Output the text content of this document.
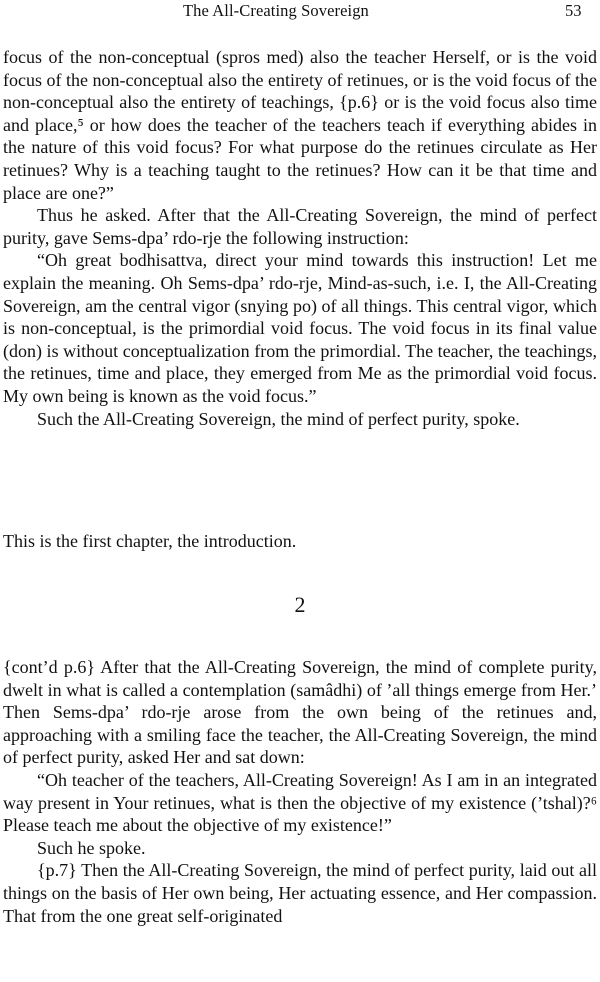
The All-Creating Sovereign	53

focus of the non-conceptual (spros med) also the teacher Herself, or is the void focus of the non-conceptual also the entirety of retinues, or is the void focus of the non-conceptual also the entirety of teachings, {p.6} or is the void focus also time and place,⁵ or how does the teacher of the teachers teach if everything abides in the nature of this void focus? For what purpose do the retinues circulate as Her retinues? Why is a teaching taught to the retinues? How can it be that time and place are one?”

Thus he asked. After that the All-Creating Sovereign, the mind of perfect purity, gave Sems-dpa’ rdo-rje the following instruction:

“Oh great bodhisattva, direct your mind towards this instruction! Let me explain the meaning. Oh Sems-dpa’ rdo-rje, Mind-as-such, i.e. I, the All-Creating Sovereign, am the central vigor (snying po) of all things. This central vigor, which is non-conceptual, is the primordial void focus. The void focus in its final value (don) is without conceptualization from the primordial. The teacher, the teachings, the retinues, time and place, they emerged from Me as the primordial void focus. My own being is known as the void focus.”

Such the All-Creating Sovereign, the mind of perfect purity, spoke.

This is the first chapter, the introduction.

2

{cont’d p.6} After that the All-Creating Sovereign, the mind of complete purity, dwelt in what is called a contemplation (samâdhi) of ’all things emerge from Her.’ Then Sems-dpa’ rdo-rje arose from the own being of the retinues and, approaching with a smiling face the teacher, the All-Creating Sovereign, the mind of perfect purity, asked Her and sat down:

“Oh teacher of the teachers, All-Creating Sovereign! As I am in an integrated way present in Your retinues, what is then the objective of my existence (’tshal)?⁶ Please teach me about the objective of my existence!”

Such he spoke.

{p.7} Then the All-Creating Sovereign, the mind of perfect purity, laid out all things on the basis of Her own being, Her actuating essence, and Her compassion. That from the one great self-originated
